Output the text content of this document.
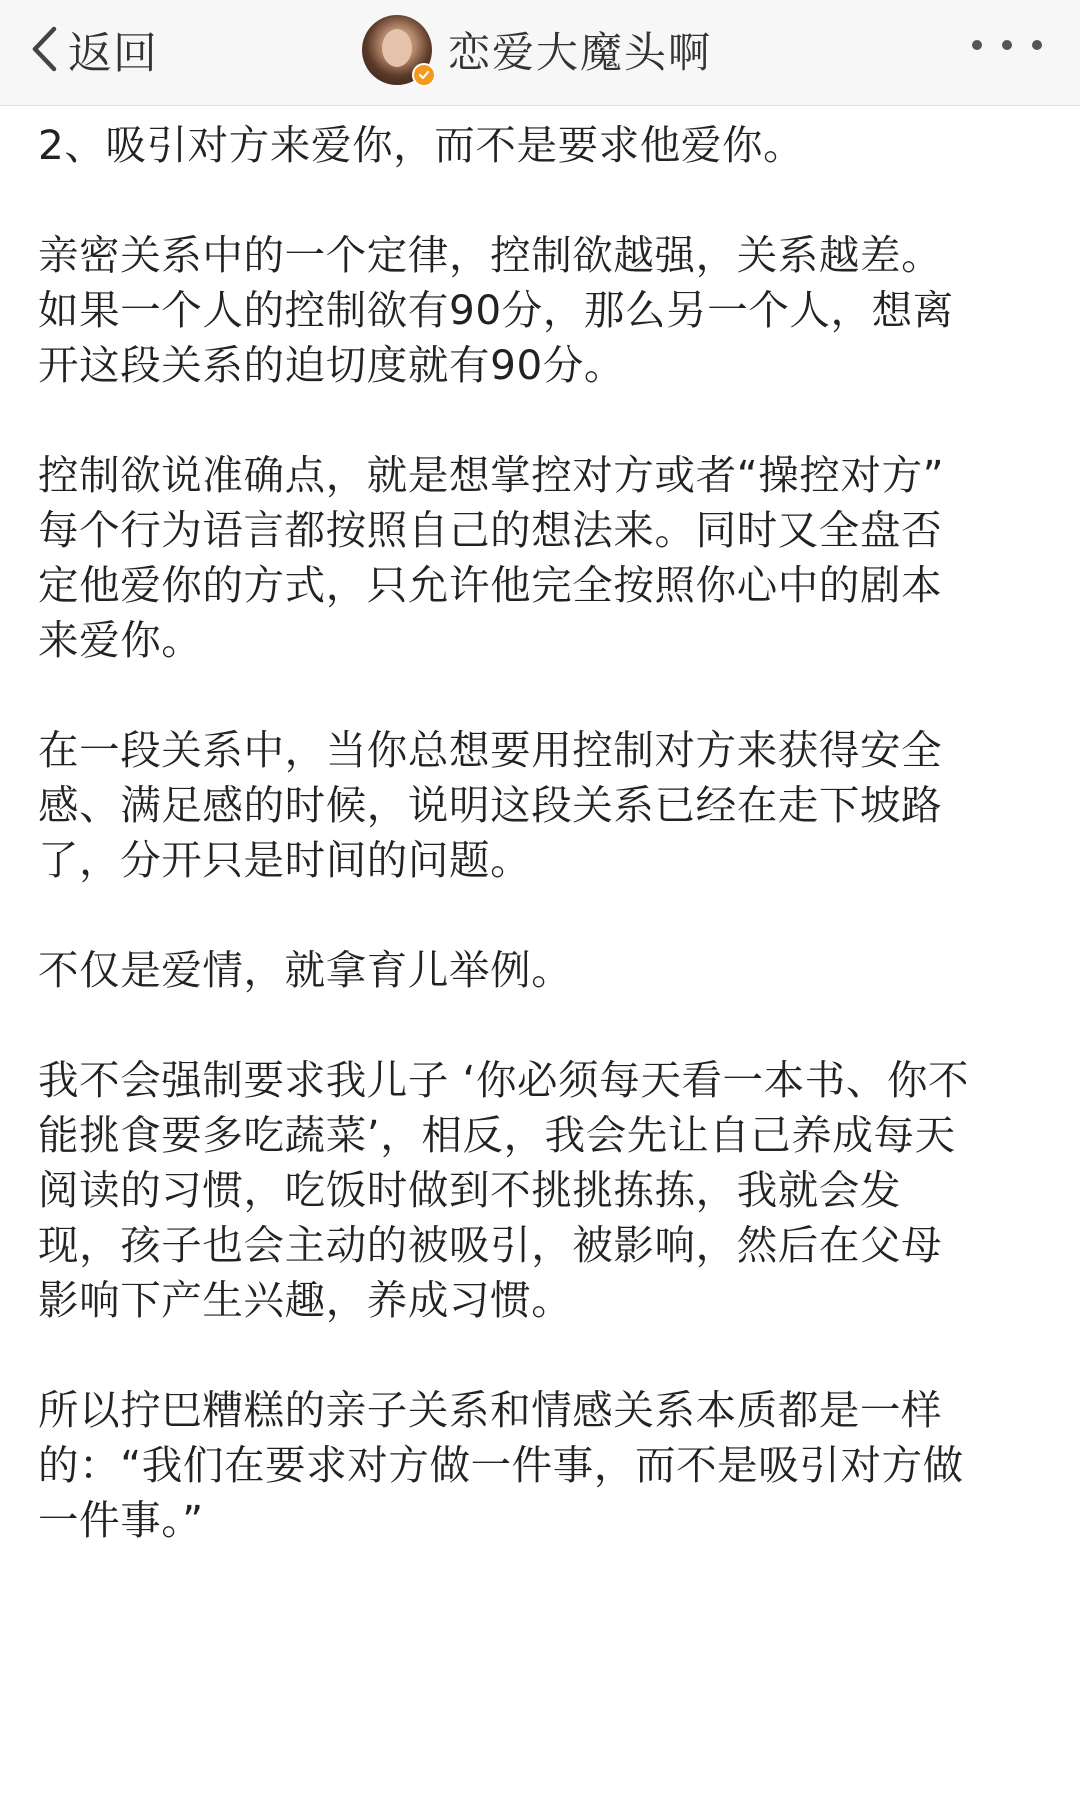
返回	恋爱大魔头啊

2、吸引对方来爱你，而不是要求他爱你。

亲密关系中的一个定律，控制欲越强，关系越差。
如果一个人的控制欲有90分，那么另一个人，想离
开这段关系的迫切度就有90分。

控制欲说准确点，就是想掌控对方或者“操控对方”
每个行为语言都按照自己的想法来。同时又全盘否
定他爱你的方式，只允许他完全按照你心中的剧本
来爱你。

在一段关系中，当你总想要用控制对方来获得安全
感、满足感的时候，说明这段关系已经在走下坡路
了，分开只是时间的问题。

不仅是爱情，就拿育儿举例。

我不会强制要求我儿子 ‘你必须每天看一本书、你不
能挑食要多吃蔬菜’，相反，我会先让自己养成每天
阅读的习惯，吃饭时做到不挑挑拣拣，我就会发
现，孩子也会主动的被吸引，被影响，然后在父母
影响下产生兴趣，养成习惯。

所以拧巴糟糕的亲子关系和情感关系本质都是一样
的：“我们在要求对方做一件事，而不是吸引对方做
一件事。”
